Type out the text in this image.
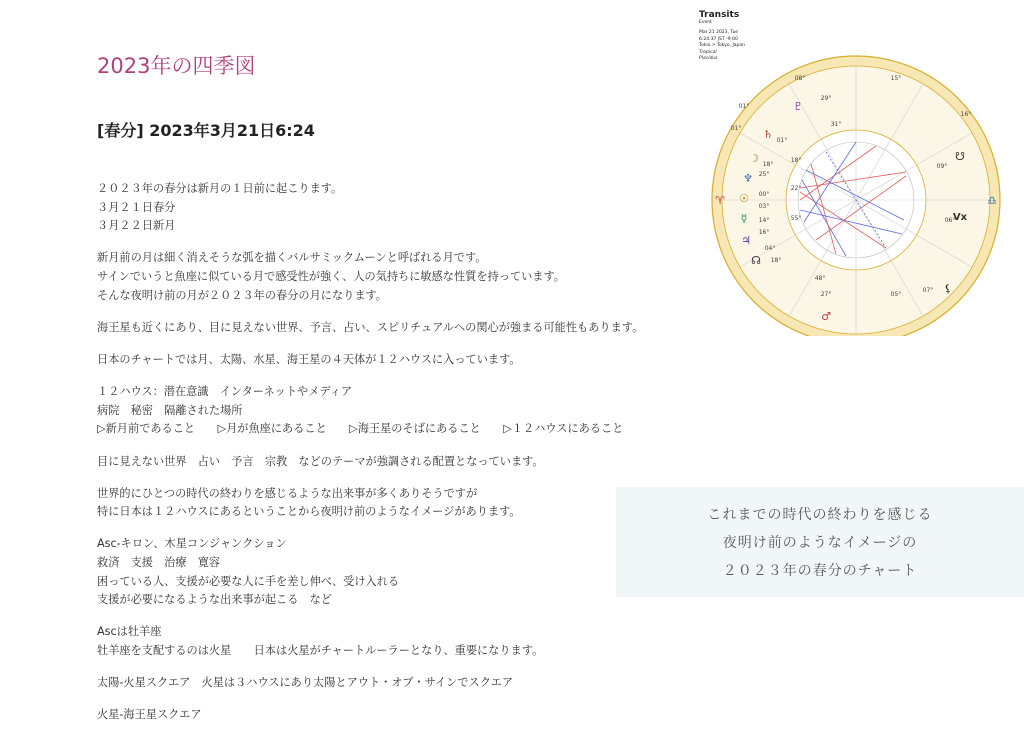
2023年の四季図
[春分] 2023年3月21日6:24

２０２３年の春分は新月の１日前に起こります。
３月２１日春分
３月２２日新月

新月前の月は細く消えそうな弧を描くバルサミックムーンと呼ばれる月です。
サインでいうと魚座に似ている月で感受性が強く、人の気持ちに敏感な性質を持っています。
そんな夜明け前の月が２０２３年の春分の月になります。

海王星も近くにあり、目に見えない世界、予言、占い、スピリチュアルへの関心が強まる可能性もあります。

日本のチャートでは月、太陽、水星、海王星の４天体が１２ハウスに入っています。

１２ハウス：潜在意識　インターネットやメディア
病院　秘密　隔離された場所
▷新月前であること　　▷月が魚座にあること　　▷海王星のそばにあること　　▷１２ハウスにあること

目に見えない世界　占い　予言　宗教　などのテーマが強調される配置となっています。

世界的にひとつの時代の終わりを感じるような出来事が多くありそうですが
特に日本は１２ハウスにあるということから夜明け前のようなイメージがあります。

Asc-キロン、木星コンジャンクション
救済　支援　治療　寛容
困っている人、支援が必要な人に手を差し伸べ、受け入れる
支援が必要になるような出来事が起こる　など

Ascは牡羊座
牡羊座を支配するのは火星　　日本は火星がチャートルーラーとなり、重要になります。

太陽-火星スクエア　火星は３ハウスにあり太陽とアウト・オブ・サインでスクエア

火星-海王星スクエア

これまでの時代の終わりを感じる
夜明け前のようなイメージの
２０２３年の春分のチャート
Transits
Event
Mar 21 2023, Tue
6:24:37 JST -9:00
Tokio > Tokyo, Japan
Tropical
Placidus
♇
♄
☽
♆
☉
☿
♃
☊
♈	♎
☋
⚸
♂
Vx
29°
01°
18°
25°
00°
03°
14°
16°
04°
18°
27°	05°
09°
06°
07°
01°
08°	15°
01°
16°
18°
31°
48°
55°
22°
